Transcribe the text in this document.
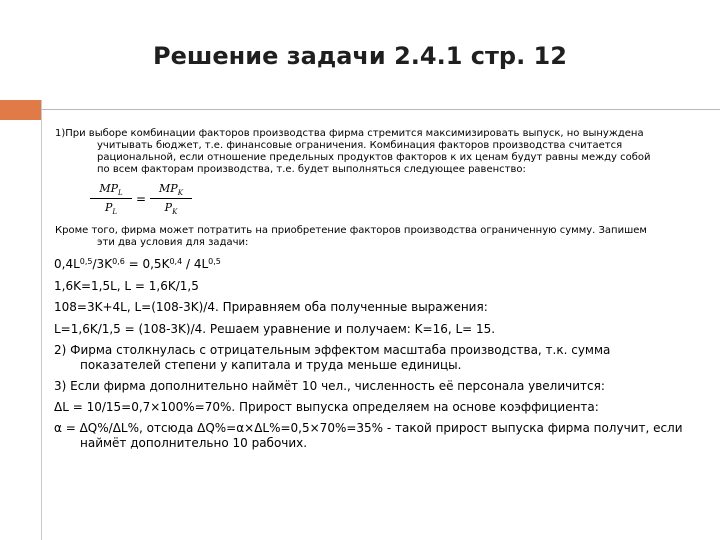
Решение задачи 2.4.1 стр. 12

1)При выборе комбинации факторов производства фирма стремится максимизировать выпуск, но вынуждена
учитывать бюджет, т.е. финансовые ограничения. Комбинация факторов производства считается
рациональной, если отношение предельных продуктов факторов к их ценам будут равны между собой
по всем факторам производства, т.е. будет выполняться следующее равенство:

$MP_L$
$P_L$
=
$MP_K$
$P_K$

Кроме того, фирма может потратить на приобретение факторов производства ограниченную сумму. Запишем
эти два условия для задачи:

$0,4L^{0,5}/3K^{0,6} = 0,5K^{0,4} / 4L^{0,5}$

1,6K=1,5L, L = 1,6K/1,5

108=3K+4L, L=(108-3K)/4. Приравняем оба полученные выражения:

L=1,6K/1,5 = (108-3K)/4. Решаем уравнение и получаем: K=16, L= 15.

2) Фирма столкнулась с отрицательным эффектом масштаба производства, т.к. сумма
показателей степени у капитала и труда меньше единицы.

3) Если фирма дополнительно наймёт 10 чел., численность её персонала увеличится:

ΔL = 10/15=0,7×100%=70%. Прирост выпуска определяем на основе коэффициента:

α = ΔQ%/ΔL%, отсюда ΔQ%=α×ΔL%=0,5×70%=35% - такой прирост выпуска фирма получит, если
наймёт дополнительно 10 рабочих.
